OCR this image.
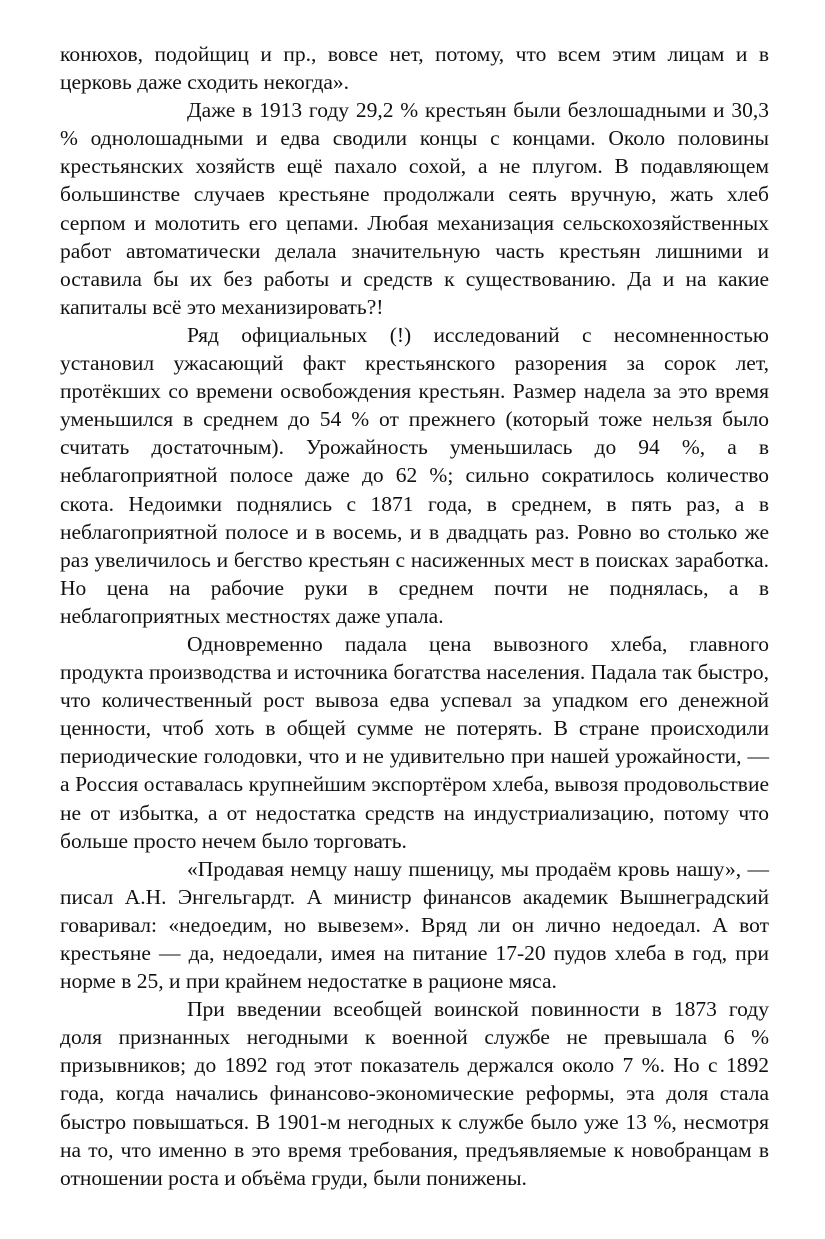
конюхов, подойщиц и пр., вовсе нет, потому, что всем этим лицам и в церковь даже сходить некогда».

Даже в 1913 году 29,2 % крестьян были безлошадными и 30,3 % однолошадными и едва сводили концы с концами. Около половины крестьянских хозяйств ещё пахало сохой, а не плугом. В подавляющем большинстве случаев крестьяне продолжали сеять вручную, жать хлеб серпом и молотить его цепами. Любая механизация сельскохозяйственных работ автоматически делала значительную часть крестьян лишними и оставила бы их без работы и средств к существованию. Да и на какие капиталы всё это механизировать?!

Ряд официальных (!) исследований с несомненностью установил ужасающий факт крестьянского разорения за сорок лет, протёкших со времени освобождения крестьян. Размер надела за это время уменьшился в среднем до 54 % от прежнего (который тоже нельзя было считать достаточным). Урожайность уменьшилась до 94 %, а в неблагоприятной полосе даже до 62 %; сильно сократилось количество скота. Недоимки поднялись с 1871 года, в среднем, в пять раз, а в неблагоприятной полосе и в восемь, и в двадцать раз. Ровно во столько же раз увеличилось и бегство крестьян с насиженных мест в поисках заработка. Но цена на рабочие руки в среднем почти не поднялась, а в неблагоприятных местностях даже упала.

Одновременно падала цена вывозного хлеба, главного продукта производства и источника богатства населения. Падала так быстро, что количественный рост вывоза едва успевал за упадком его денежной ценности, чтоб хоть в общей сумме не потерять. В стране происходили периодические голодовки, что и не удивительно при нашей урожайности, — а Россия оставалась крупнейшим экспортёром хлеба, вывозя продовольствие не от избытка, а от недостатка средств на индустриализацию, потому что больше просто нечем было торговать.

«Продавая немцу нашу пшеницу, мы продаём кровь нашу», — писал А.Н. Энгельгардт. А министр финансов академик Вышнеградский говаривал: «недоедим, но вывезем». Вряд ли он лично недоедал. А вот крестьяне — да, недоедали, имея на питание 17-20 пудов хлеба в год, при норме в 25, и при крайнем недостатке в рационе мяса.

При введении всеобщей воинской повинности в 1873 году доля признанных негодными к военной службе не превышала 6 % призывников; до 1892 год этот показатель держался около 7 %. Но с 1892 года, когда начались финансово-экономические реформы, эта доля стала быстро повышаться. В 1901-м негодных к службе было уже 13 %, несмотря на то, что именно в это время требования, предъявляемые к новобранцам в отношении роста и объёма груди, были понижены.
